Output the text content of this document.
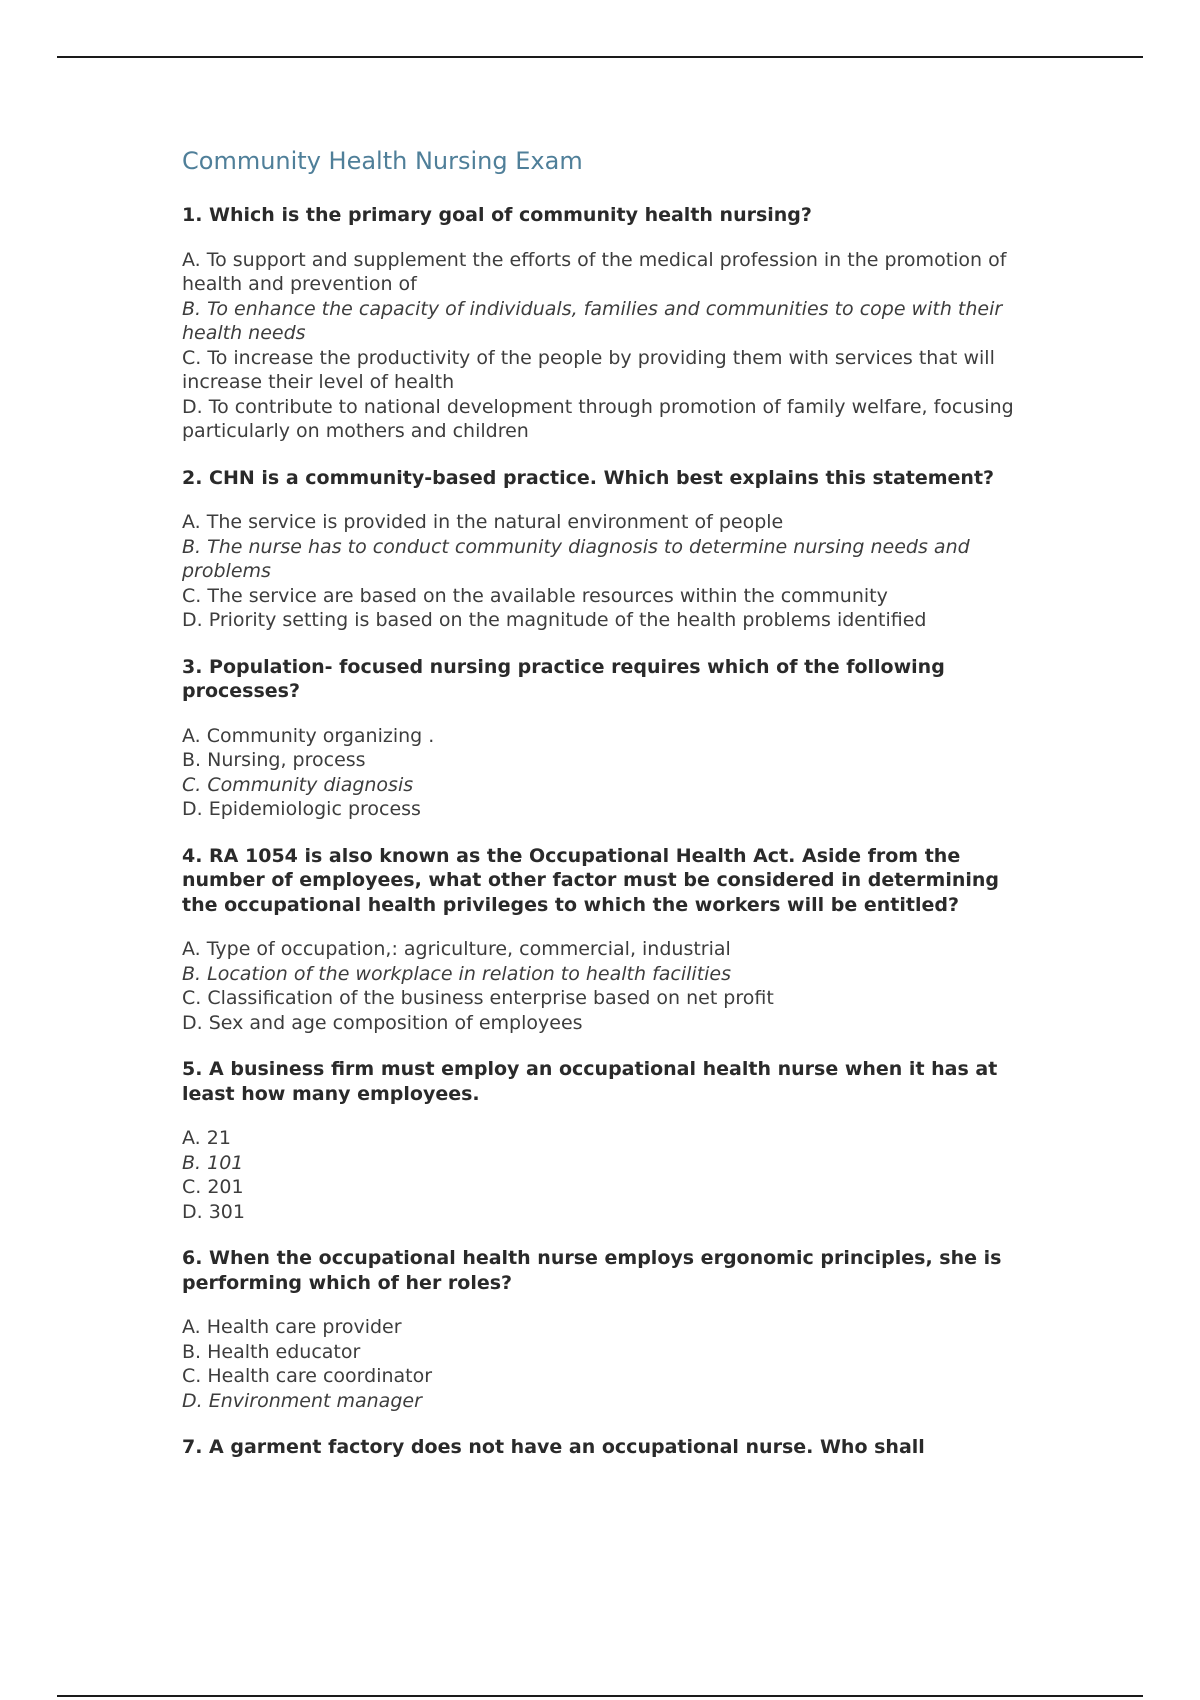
Community Health Nursing Exam

1. Which is the primary goal of community health nursing?

A. To support and supplement the efforts of the medical profession in the promotion of health and prevention of
B. To enhance the capacity of individuals, families and communities to cope with their health needs
C. To increase the productivity of the people by providing them with services that will increase their level of health
D. To contribute to national development through promotion of family welfare, focusing particularly on mothers and children

2. CHN is a community-based practice. Which best explains this statement?

A. The service is provided in the natural environment of people
B. The nurse has to conduct community diagnosis to determine nursing needs and problems
C. The service are based on the available resources within the community
D. Priority setting is based on the magnitude of the health problems identified

3. Population- focused nursing practice requires which of the following processes?

A. Community organizing .
B. Nursing, process
C. Community diagnosis
D. Epidemiologic process

4. RA 1054 is also known as the Occupational Health Act. Aside from the number of employees, what other factor must be considered in determining the occupational health privileges to which the workers will be entitled?

A. Type of occupation,: agriculture, commercial, industrial
B. Location of the workplace in relation to health facilities
C. Classification of the business enterprise based on net profit
D. Sex and age composition of employees

5. A business firm must employ an occupational health nurse when it has at least how many employees.

A. 21
B. 101
C. 201
D. 301

6. When the occupational health nurse employs ergonomic principles, she is performing which of her roles?

A. Health care provider
B. Health educator
C. Health care coordinator
D. Environment manager

7. A garment factory does not have an occupational nurse. Who shall
